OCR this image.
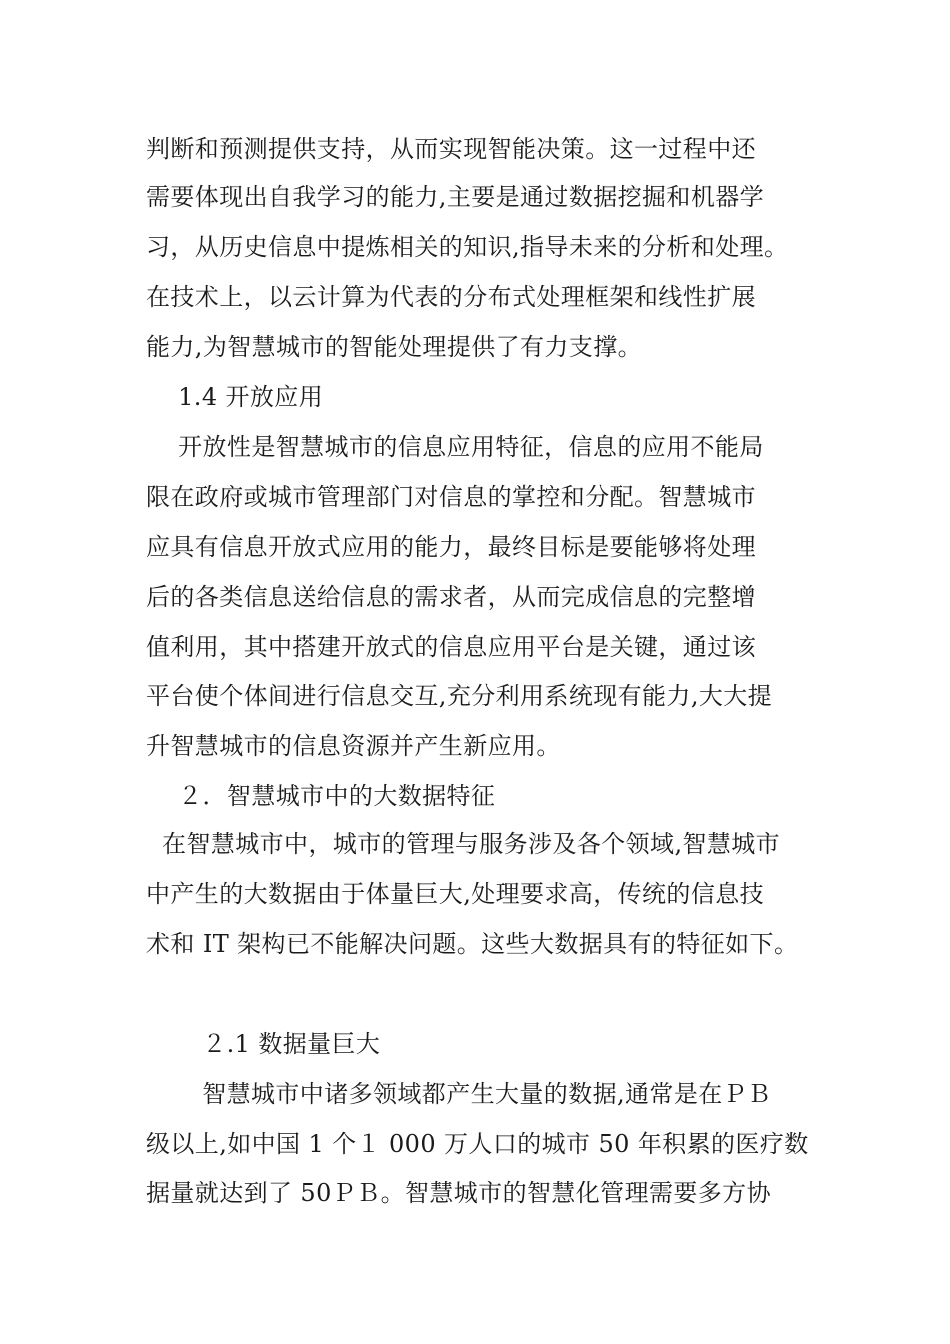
判断和预测提供支持，从而实现智能决策。这一过程中还
需要体现出自我学习的能力,主要是通过数据挖掘和机器学
习，从历史信息中提炼相关的知识,指导未来的分析和处理。
在技术上，以云计算为代表的分布式处理框架和线性扩展
能力,为智慧城市的智能处理提供了有力支撑。
1.4 开放应用
开放性是智慧城市的信息应用特征，信息的应用不能局
限在政府或城市管理部门对信息的掌控和分配。智慧城市
应具有信息开放式应用的能力，最终目标是要能够将处理
后的各类信息送给信息的需求者，从而完成信息的完整增
值利用，其中搭建开放式的信息应用平台是关键，通过该
平台使个体间进行信息交互,充分利用系统现有能力,大大提
升智慧城市的信息资源并产生新应用。
２．智慧城市中的大数据特征
在智慧城市中，城市的管理与服务涉及各个领域,智慧城市
中产生的大数据由于体量巨大,处理要求高，传统的信息技
术和 IT 架构已不能解决问题。这些大数据具有的特征如下。
２.1 数据量巨大
智慧城市中诸多领域都产生大量的数据,通常是在ＰＢ
级以上,如中国 1 个１ 000 万人口的城市 50 年积累的医疗数
据量就达到了 50ＰＢ。智慧城市的智慧化管理需要多方协
